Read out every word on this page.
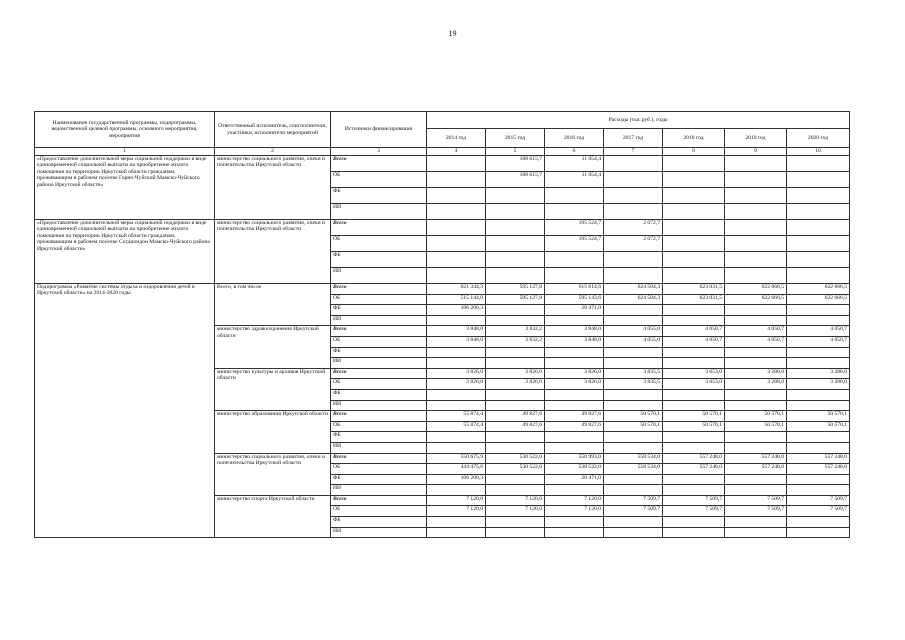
19
Наименование государственной программы, подпрограммы, ведомственной целевой программы, основного мероприятия, мероприятия	Ответственный исполнитель, соисполнители, участники, исполнители мероприятий	Источники финансирования	Расходы (тыс.руб.), годы						
			2014 год	2015 год	2016 год	2017 год	2018 год	2019 год	2020 год
1	2	3	4	5	6	7	8	9	10
«Предоставление дополнительной меры социальной поддержки в виде единовременной социальной выплаты на приобретение жилого помещения на территории Иркутской области гражданам, проживающим в рабочем поселке Горно-Чуйский Мамско-Чуйского района Иркутской области»	министерство социального развития, опеки и попечительства Иркутской области	Всего		188 615,7	11 054,4				
		ОБ		188 615,7	11 054,4				
		ФБ							
		ИИ							
«Предоставление дополнительной меры социальной поддержки в виде единовременной социальной выплаты на приобретение жилого помещения на территории Иркутской области гражданам, проживающим в рабочем поселке Согдиондон Мамско-Чуйского района Иркутской области»	министерство социального развития, опеки и попечительства Иркутской области	Всего			195 524,7	2 072,7			
		ОБ			195 524,7	2 072,7			
		ФБ							
		ИИ							
Подпрограмма «Развитие системы отдыха и оздоровления детей в Иркутской области» на 2014-2020 годы	Всего, в том числе	Всего	621 344,3	595 127,8	615 614,6	624 504,3	623 031,5	622 666,5	622 666,5
		ОБ	515 144,0	595 127,8	595 143,6	624 504,3	623 031,5	622 666,5	622 666,5
		ФБ	106 200,3		20 471,0				
		ИИ							
	министерство здравоохранения Иркутской области	Всего	3 848,0	3 832,2	3 848,0	4 055,0	4 050,7	4 050,7	4 050,7
		ОБ	3 848,0	3 832,2	3 848,0	4 055,0	4 050,7	4 050,7	4 050,7
		ФБ							
		ИИ							
	министерство культуры и архивов Иркутской области	Всего	3 826,0	3 826,0	3 826,0	3 835,5	3 653,0	3 288,0	3 288,0
		ОБ	3 826,0	3 826,0	3 826,0	3 835,5	3 653,0	3 288,0	3 288,0
		ФБ							
		ИИ							
	министерство образования Иркутской области	Всего	55 874,4	49 827,6	49 827,6	50 570,1	50 570,1	50 570,1	50 570,1
		ОБ	55 874,4	49 827,6	49 827,6	50 570,1	50 570,1	50 570,1	50 570,1
		ФБ							
		ИИ							
	министерство социального развития, опеки и попечительства Иркутской области	Всего	550 675,9	530 522,0	550 993,0	558 534,0	557 248,0	557 248,0	557 248,0
		ОБ	444 475,6	530 522,0	530 522,0	558 534,0	557 248,0	557 248,0	557 248,0
		ФБ	106 200,3		20 471,0				
		ИИ							
	министерство спорта Иркутской области	Всего	7 120,0	7 120,0	7 120,0	7 509,7	7 509,7	7 509,7	7 509,7
		ОБ	7 120,0	7 120,0	7 120,0	7 509,7	7 509,7	7 509,7	7 509,7
		ФБ							
		ИИ							
